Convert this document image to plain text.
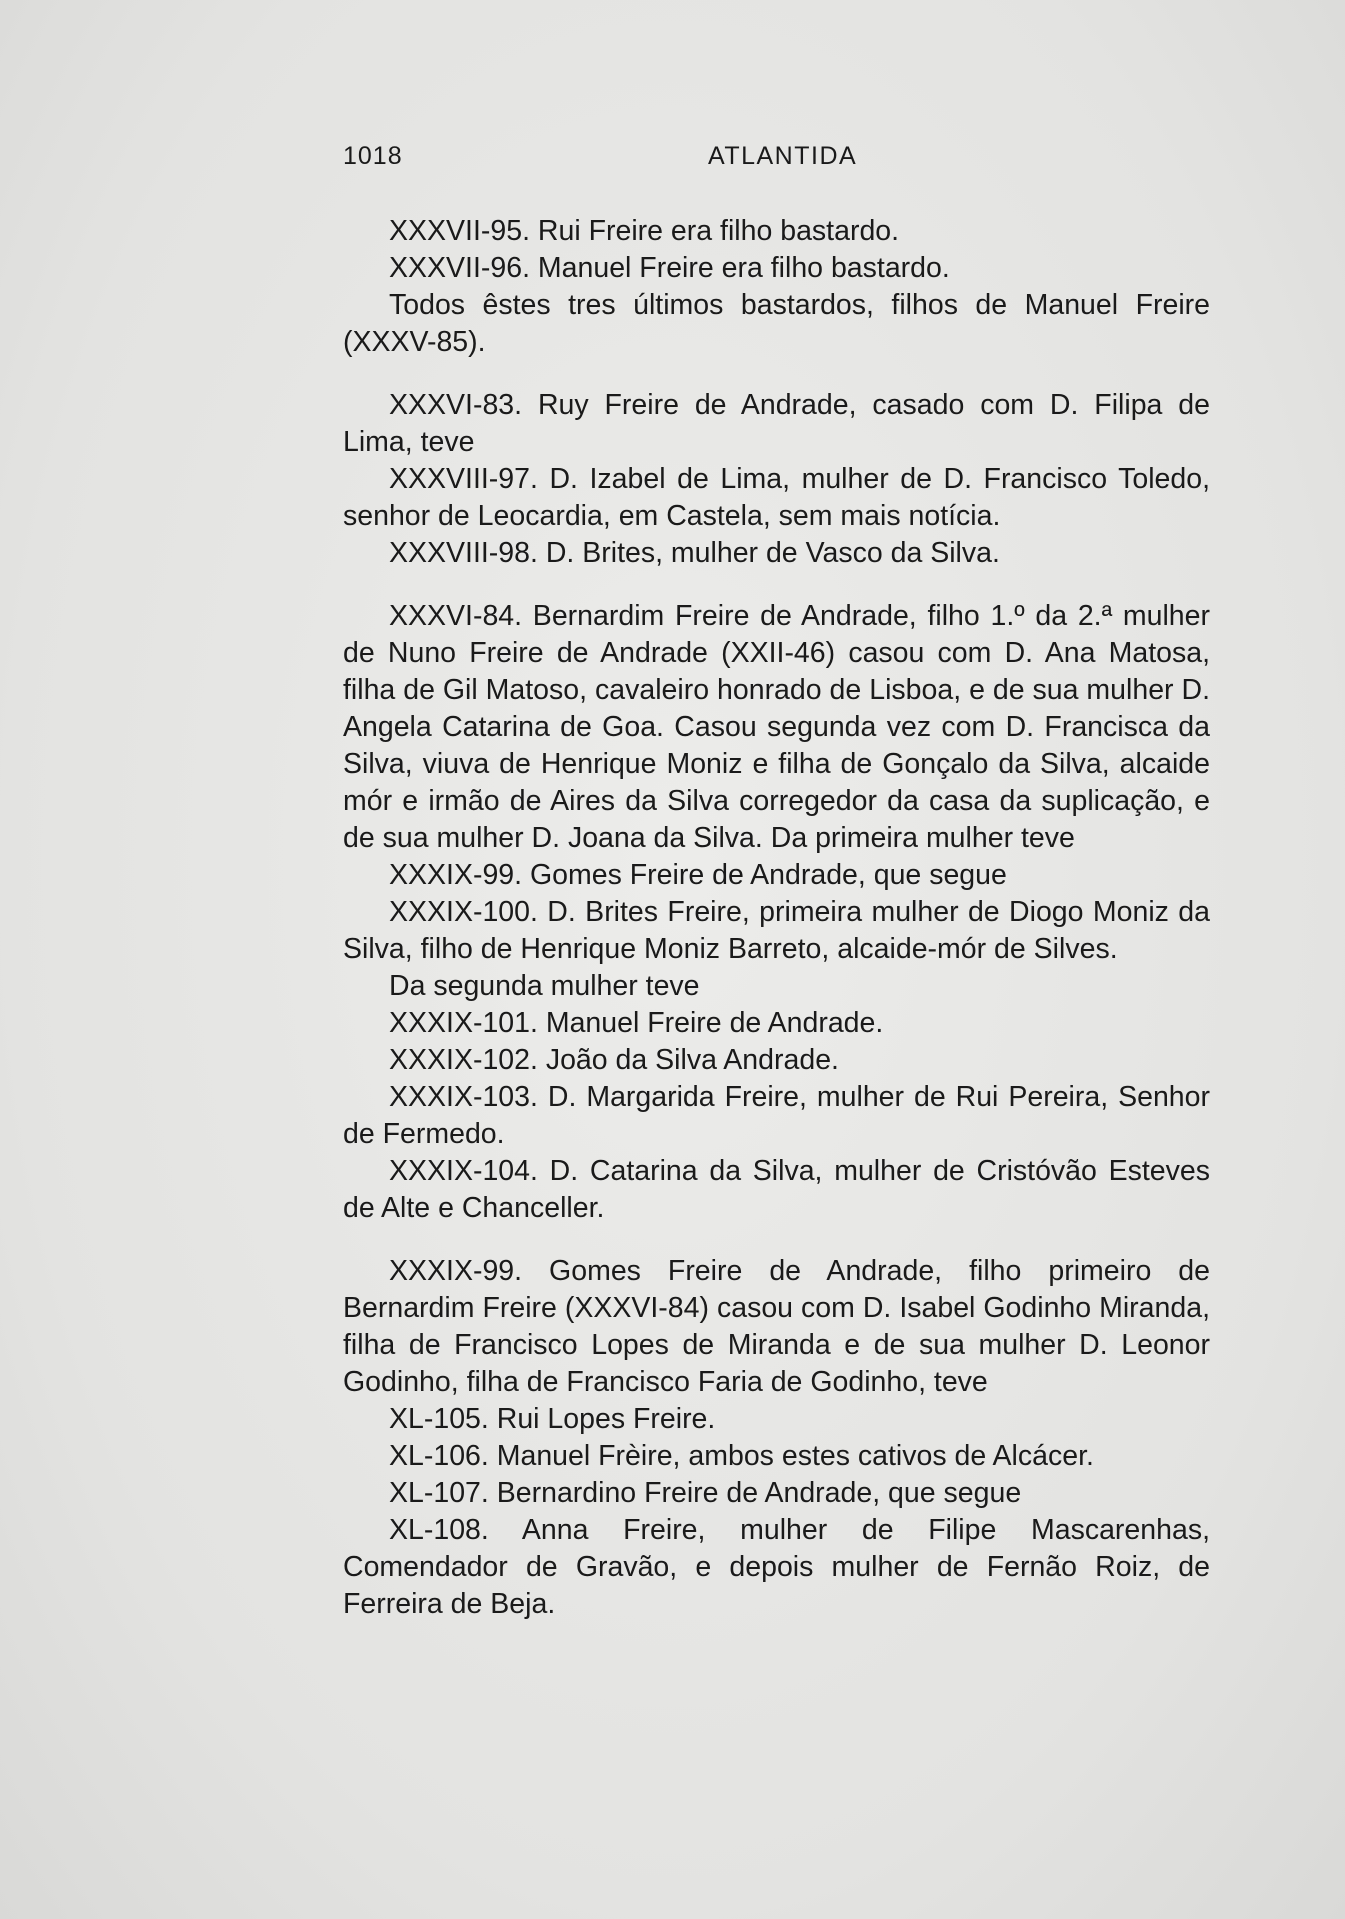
1018	ATLANTIDA

XXXVII-95. Rui Freire era filho bastardo.

XXXVII-96. Manuel Freire era filho bastardo.

Todos êstes tres últimos bastardos, filhos de Manuel Freire (XXXV-85).

XXXVI-83. Ruy Freire de Andrade, casado com D. Filipa de Lima, teve

XXXVIII-97. D. Izabel de Lima, mulher de D. Francisco Toledo, senhor de Leocardia, em Castela, sem mais notícia.

XXXVIII-98. D. Brites, mulher de Vasco da Silva.

XXXVI-84. Bernardim Freire de Andrade, filho 1.º da 2.ª mulher de Nuno Freire de Andrade (XXII-46) casou com D. Ana Matosa, filha de Gil Matoso, cavaleiro honrado de Lisboa, e de sua mulher D. Angela Catarina de Goa. Casou segunda vez com D. Francisca da Silva, viuva de Henrique Moniz e filha de Gonçalo da Silva, alcaide mór e irmão de Aires da Silva corregedor da casa da suplicação, e de sua mulher D. Joana da Silva. Da primeira mulher teve

XXXIX-99. Gomes Freire de Andrade, que segue

XXXIX-100. D. Brites Freire, primeira mulher de Diogo Moniz da Silva, filho de Henrique Moniz Barreto, alcaide-mór de Silves.

Da segunda mulher teve

XXXIX-101. Manuel Freire de Andrade.

XXXIX-102. João da Silva Andrade.

XXXIX-103. D. Margarida Freire, mulher de Rui Pereira, Senhor de Fermedo.

XXXIX-104. D. Catarina da Silva, mulher de Cristóvão Esteves de Alte e Chanceller.

XXXIX-99. Gomes Freire de Andrade, filho primeiro de Bernardim Freire (XXXVI-84) casou com D. Isabel Godinho Miranda, filha de Francisco Lopes de Miranda e de sua mulher D. Leonor Godinho, filha de Francisco Faria de Godinho, teve

XL-105. Rui Lopes Freire.

XL-106. Manuel Frèire, ambos estes cativos de Alcácer.

XL-107. Bernardino Freire de Andrade, que segue

XL-108. Anna Freire, mulher de Filipe Mascarenhas, Comendador de Gravão, e depois mulher de Fernão Roiz, de Ferreira de Beja.
